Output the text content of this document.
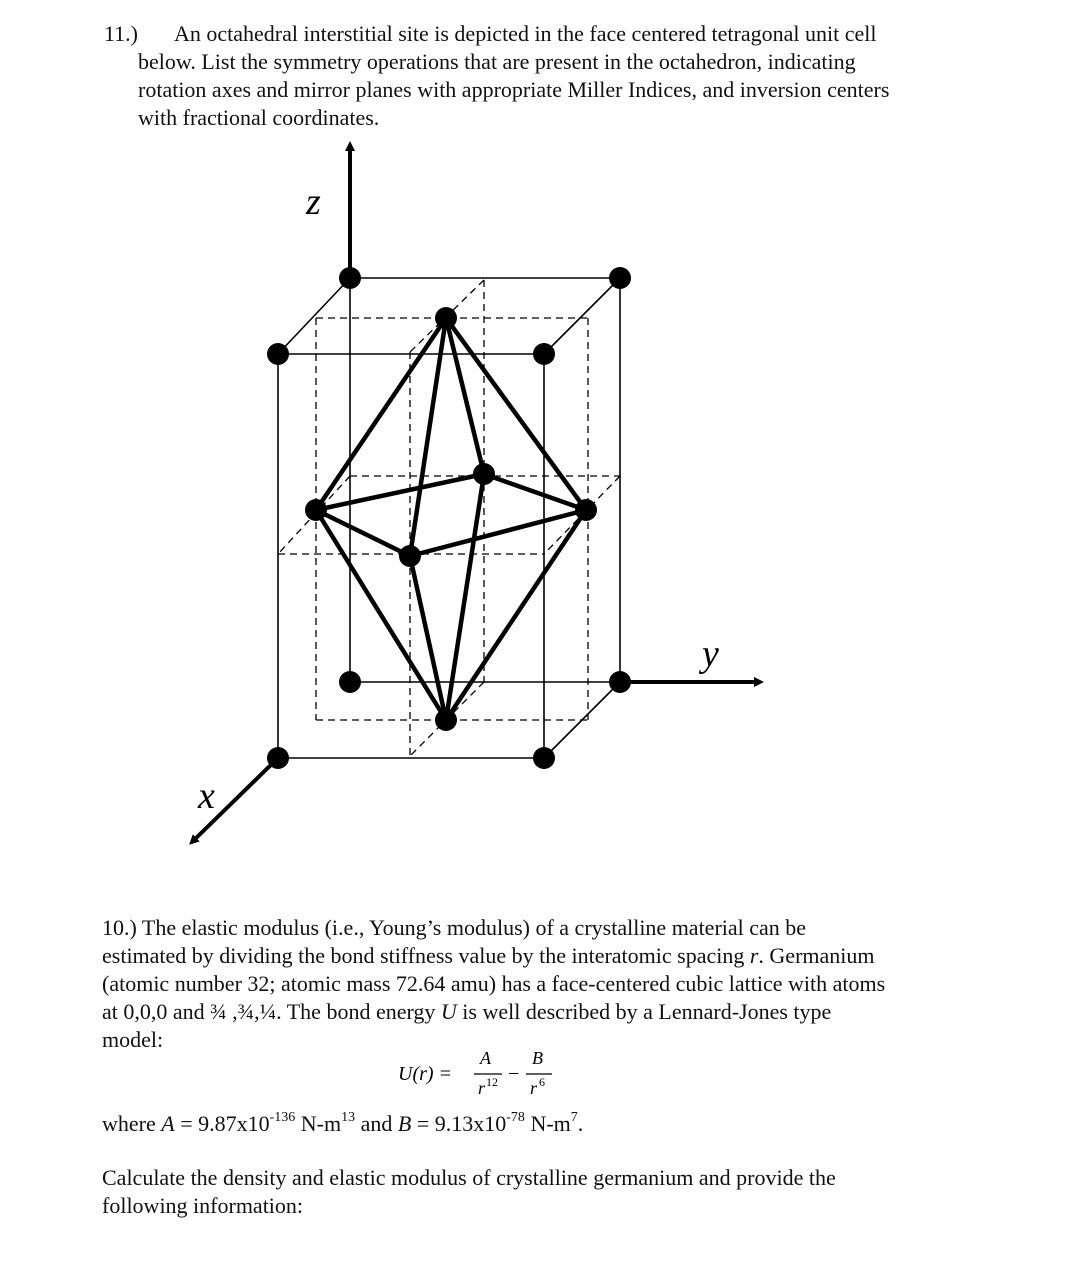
11.) An octahedral interstitial site is depicted in the face centered tetragonal unit cell
below. List the symmetry operations that are present in the octahedron, indicating
rotation axes and mirror planes with appropriate Miller Indices, and inversion centers
with fractional coordinates.
z
y
x
10.) The elastic modulus (i.e., Young’s modulus) of a crystalline material can be
estimated by dividing the bond stiffness value by the interatomic spacing r. Germanium
(atomic number 32; atomic mass 72.64 amu) has a face-centered cubic lattice with atoms
at 0,0,0 and ¾ ,¾,¼. The bond energy U is well described by a Lennard-Jones type
model:
U(r) =
A
r 12 −
B
r 6
where $A = 9.87x10^{-136}$ $N-m^{13}$ and $B = 9.13x10^{-78}$ $N-m^7$.
Calculate the density and elastic modulus of crystalline germanium and provide the
following information:
